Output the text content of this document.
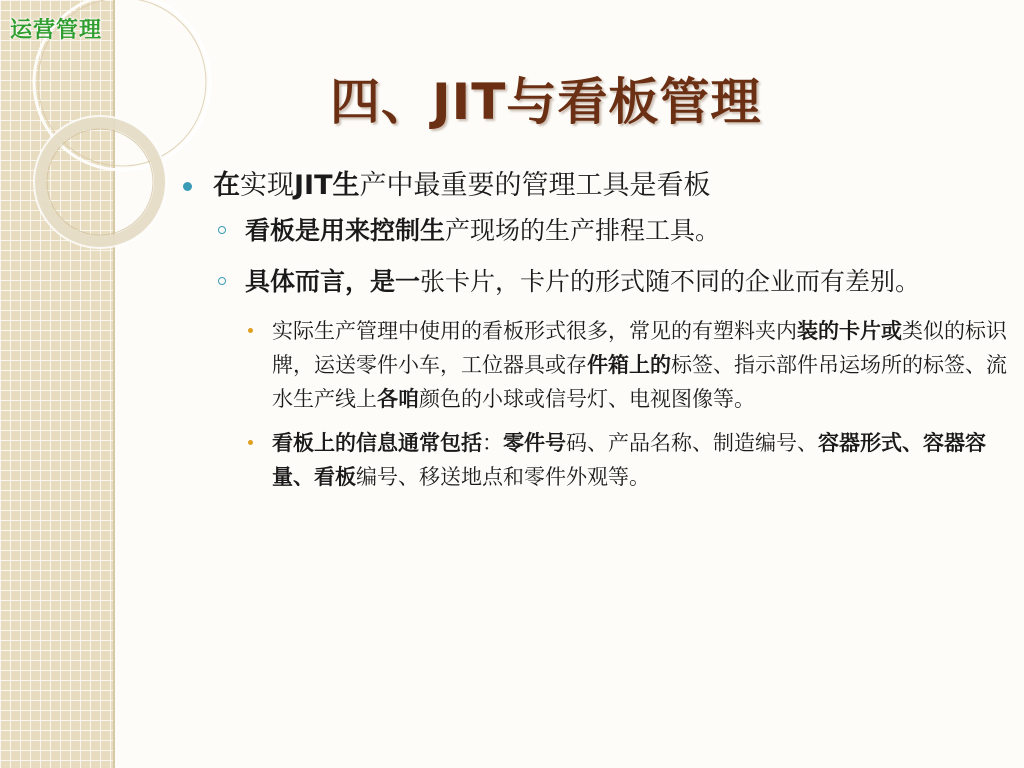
运营管理
四、JIT与看板管理
在实现JIT生产中最重要的管理工具是看板
看板是用来控制生产现场的生产排程工具。
具体而言，是一张卡片，卡片的形式随不同的企业而有差别。
实际生产管理中使用的看板形式很多，常见的有塑料夹内装的卡片或类似的标识牌，运送零件小车，工位器具或存件箱上的标签、指示部件吊运场所的标签、流水生产线上各咱颜色的小球或信号灯、电视图像等。
看板上的信息通常包括：零件号码、产品名称、制造编号、容器形式、容器容量、看板编号、移送地点和零件外观等。
